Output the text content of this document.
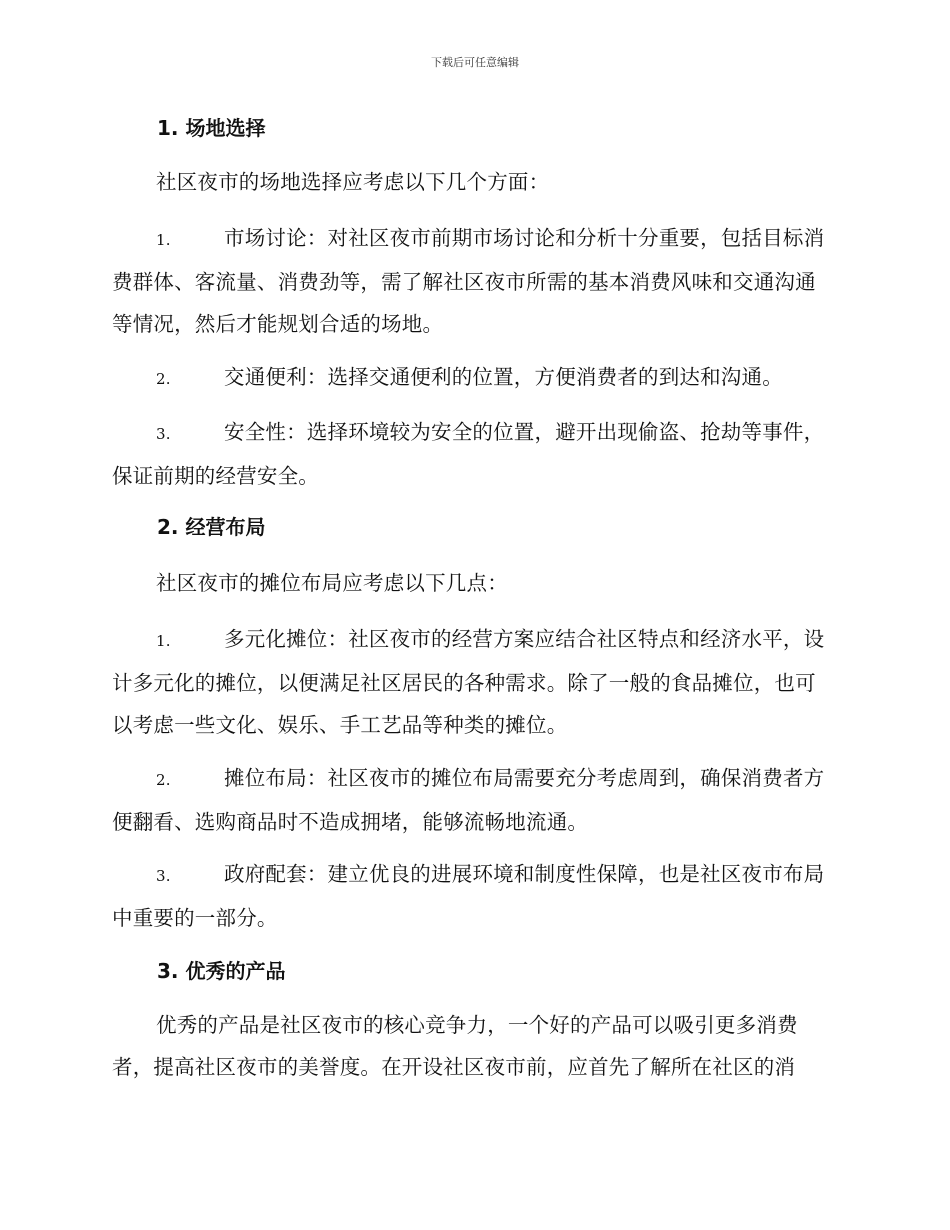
下载后可任意编辑
1. 场地选择
社区夜市的场地选择应考虑以下几个方面：
1.	市场讨论：对社区夜市前期市场讨论和分析十分重要，包括目标消费群体、客流量、消费劲等，需了解社区夜市所需的基本消费风味和交通沟通等情况，然后才能规划合适的场地。
2.	交通便利：选择交通便利的位置，方便消费者的到达和沟通。
3.	安全性：选择环境较为安全的位置，避开出现偷盗、抢劫等事件，保证前期的经营安全。
2. 经营布局
社区夜市的摊位布局应考虑以下几点：
1.	多元化摊位：社区夜市的经营方案应结合社区特点和经济水平，设计多元化的摊位，以便满足社区居民的各种需求。除了一般的食品摊位，也可以考虑一些文化、娱乐、手工艺品等种类的摊位。
2.	摊位布局：社区夜市的摊位布局需要充分考虑周到，确保消费者方便翻看、选购商品时不造成拥堵，能够流畅地流通。
3.	政府配套：建立优良的进展环境和制度性保障，也是社区夜市布局中重要的一部分。
3. 优秀的产品
优秀的产品是社区夜市的核心竞争力，一个好的产品可以吸引更多消费者，提高社区夜市的美誉度。在开设社区夜市前，应首先了解所在社区的消
